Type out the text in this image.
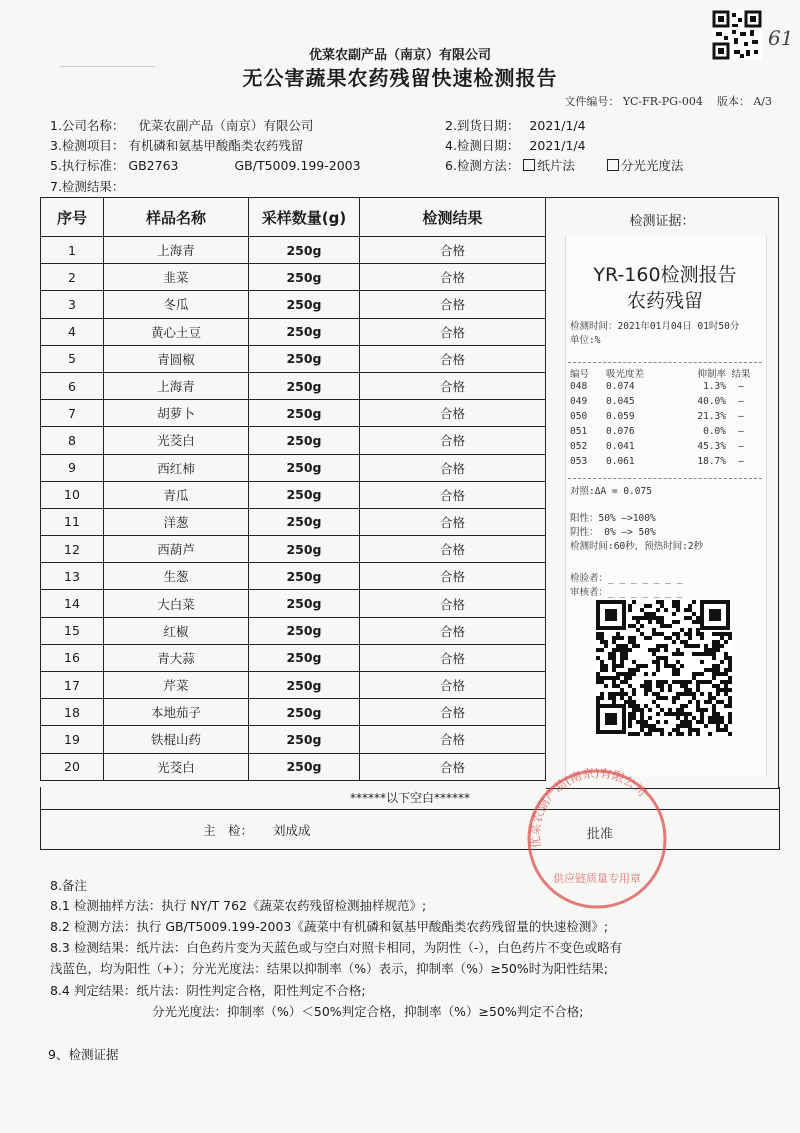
61
优菜农副产品（南京）有限公司
无公害蔬果农药残留快速检测报告
文件编号： YC-FR-PG-004 版本： A/3
1.公司名称： 优菜农副产品（南京）有限公司	2.到货日期： 2021/1/4
3.检测项目： 有机磷和氨基甲酸酯类农药残留	4.检测日期： 2021/1/4
5.执行标准： GB2763	GB/T5009.199-2003	6.检测方法： 纸片法	分光光度法
7.检测结果：
序号	样品名称	采样数量(g)	检测结果
1	上海青	250g	合格
2	韭菜	250g	合格
3	冬瓜	250g	合格
4	黄心土豆	250g	合格
5	青圆椒	250g	合格
6	上海青	250g	合格
7	胡萝卜	250g	合格
8	光茭白	250g	合格
9	西红柿	250g	合格
10	青瓜	250g	合格
11	洋葱	250g	合格
12	西葫芦	250g	合格
13	生葱	250g	合格
14	大白菜	250g	合格
15	红椒	250g	合格
16	青大蒜	250g	合格
17	芹菜	250g	合格
18	本地茄子	250g	合格
19	铁棍山药	250g	合格
20	光茭白	250g	合格
检测证据：
YR-160检测报告
农药残留
检测时间：2021年01月04日 01时50分
单位:%
编号	吸光度差	抑制率 结果
048	0.074	1.3%	—
049	0.045	40.0%	—
050	0.059	21.3%	—
051	0.076	0.0%	—
052	0.041	45.3%	—
053	0.061	18.7%	—
对照:ΔA = 0.075
阳性：50% —>100%
阴性： 0% —> 50%
检测时间:60秒，预热时间:2秒
检验者：_ _ _ _ _ _ _
审核者：_ _ _ _ _ _ _
******以下空白******
主　检： 刘成成
优菜农副产品(南京)有限公司
供应链质量专用章
批准
8.备注
8.1 检测抽样方法：执行 NY/T 762《蔬菜农药残留检测抽样规范》;
8.2 检测方法：执行 GB/T5009.199-2003《蔬菜中有机磷和氨基甲酸酯类农药残留量的快速检测》;
8.3 检测结果：纸片法：白色药片变为天蓝色或与空白对照卡相同，为阴性（-），白色药片不变色或略有
浅蓝色，均为阳性（+）；分光光度法：结果以抑制率（%）表示，抑制率（%）≥50%时为阳性结果;
8.4 判定结果：纸片法：阴性判定合格，阳性判定不合格;
分光光度法：抑制率（%）＜50%判定合格，抑制率（%）≥50%判定不合格;
9、检测证据
